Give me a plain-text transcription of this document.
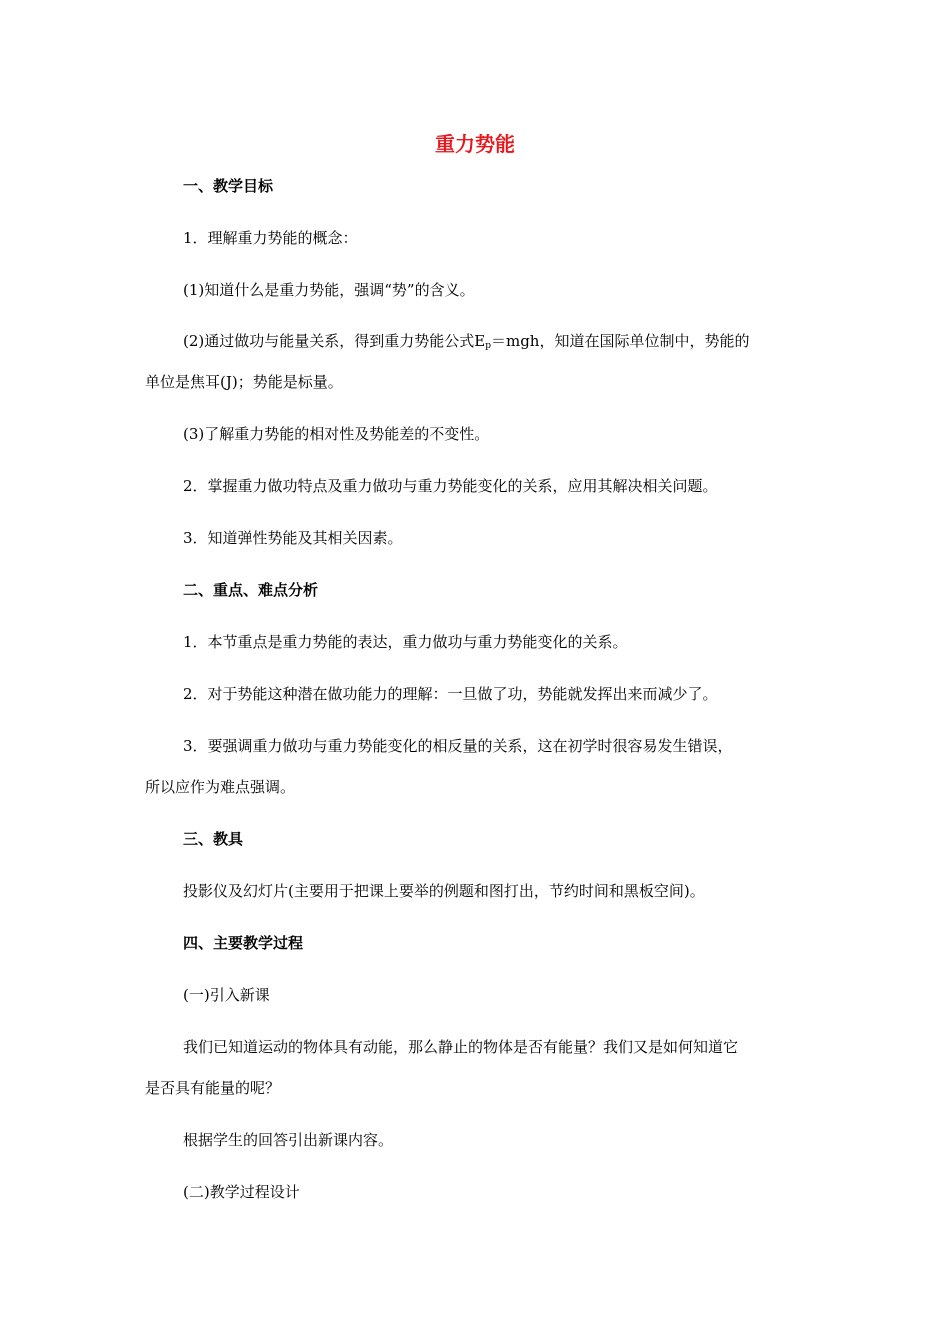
重力势能
一、教学目标
1．理解重力势能的概念：
(1)知道什么是重力势能，强调“势”的含义。
(2)通过做功与能量关系，得到重力势能公式$E_p=mgh$，知道在国际单位制中，势能的
单位是焦耳(J)；势能是标量。
(3)了解重力势能的相对性及势能差的不变性。
2．掌握重力做功特点及重力做功与重力势能变化的关系，应用其解决相关问题。
3．知道弹性势能及其相关因素。
二、重点、难点分析
1．本节重点是重力势能的表达，重力做功与重力势能变化的关系。
2．对于势能这种潜在做功能力的理解：一旦做了功，势能就发挥出来而减少了。
3．要强调重力做功与重力势能变化的相反量的关系，这在初学时很容易发生错误，
所以应作为难点强调。
三、教具
投影仪及幻灯片(主要用于把课上要举的例题和图打出，节约时间和黑板空间)。
四、主要教学过程
(一)引入新课
我们已知道运动的物体具有动能，那么静止的物体是否有能量？我们又是如何知道它
是否具有能量的呢？
根据学生的回答引出新课内容。
(二)教学过程设计
